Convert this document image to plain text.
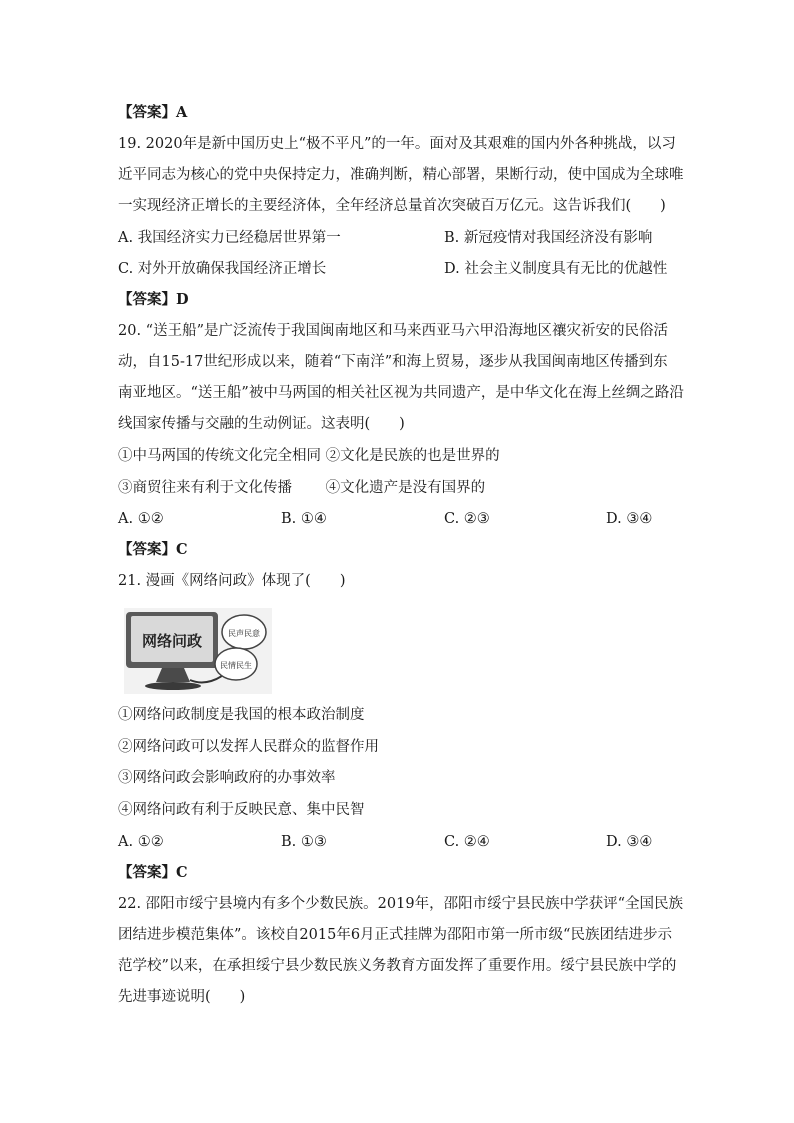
【答案】A
19. 2020年是新中国历史上“极不平凡”的一年。面对及其艰难的国内外各种挑战，以习
近平同志为核心的党中央保持定力，准确判断，精心部署，果断行动，使中国成为全球唯
一实现经济正增长的主要经济体，全年经济总量首次突破百万亿元。这告诉我们(　　)
A. 我国经济实力已经稳居世界第一	B. 新冠疫情对我国经济没有影响
C. 对外开放确保我国经济正增长	D. 社会主义制度具有无比的优越性
【答案】D
20. “送王船”是广泛流传于我国闽南地区和马来西亚马六甲沿海地区禳灾祈安的民俗活
动，自15-17世纪形成以来，随着“下南洋”和海上贸易，逐步从我国闽南地区传播到东
南亚地区。“送王船”被中马两国的相关社区视为共同遗产，是中华文化在海上丝绸之路沿
线国家传播与交融的生动例证。这表明(　　)
①中马两国的传统文化完全相同 ②文化是民族的也是世界的
③商贸往来有利于文化传播　　 ④文化遗产是没有国界的
A. ①②	B. ①④	C. ②③	D. ③④
【答案】C
21. 漫画《网络问政》体现了(　　)
网络问政	民声民意
民情民生
①网络问政制度是我国的根本政治制度
②网络问政可以发挥人民群众的监督作用
③网络问政会影响政府的办事效率
④网络问政有利于反映民意、集中民智
A. ①②	B. ①③	C. ②④	D. ③④
【答案】C
22. 邵阳市绥宁县境内有多个少数民族。2019年，邵阳市绥宁县民族中学获评“全国民族
团结进步模范集体”。该校自2015年6月正式挂牌为邵阳市第一所市级“民族团结进步示
范学校”以来，在承担绥宁县少数民族义务教育方面发挥了重要作用。绥宁县民族中学的
先进事迹说明(　　)
